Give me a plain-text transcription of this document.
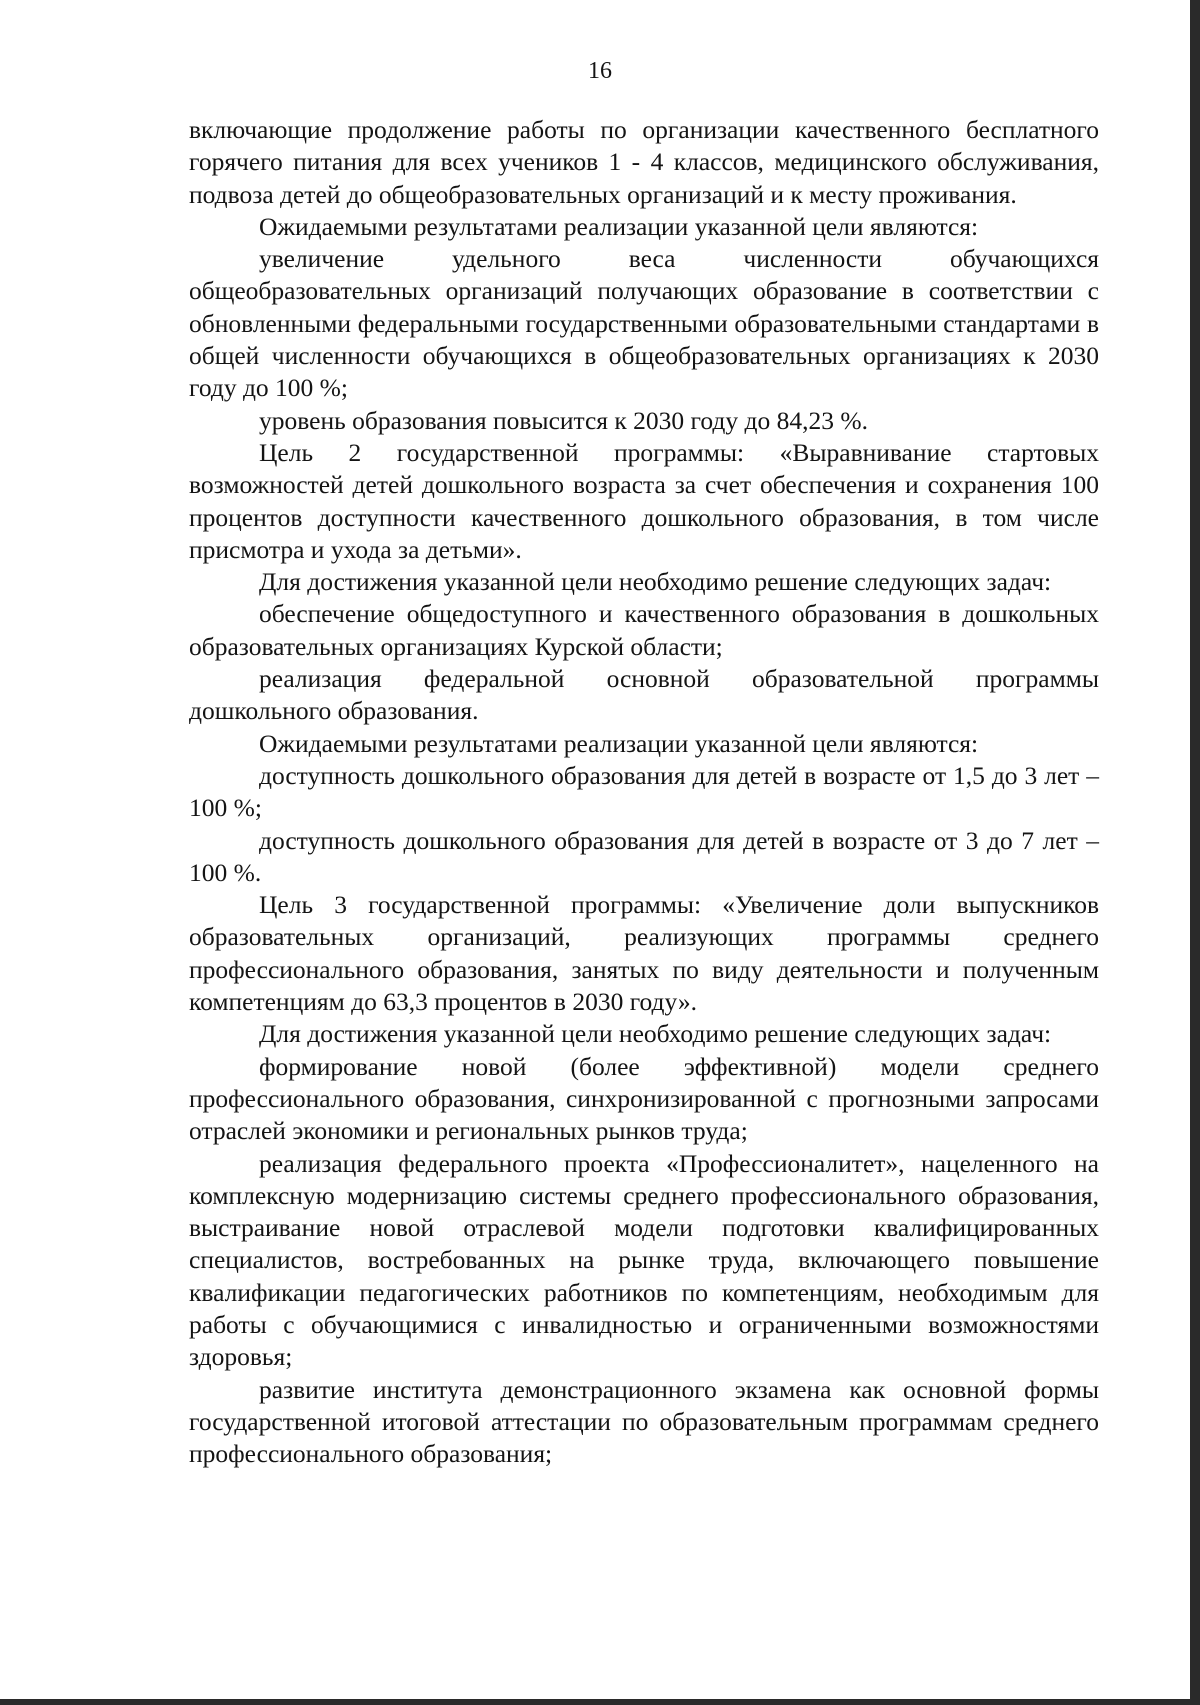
16

включающие продолжение работы по организации качественного бесплатного горячего питания для всех учеников 1 - 4 классов, медицинского обслуживания, подвоза детей до общеобразовательных организаций и к месту проживания.

Ожидаемыми результатами реализации указанной цели являются:

увеличение удельного веса численности обучающихся общеобразовательных организаций получающих образование в соответствии с обновленными федеральными государственными образовательными стандартами в общей численности обучающихся в общеобразовательных организациях к 2030 году до 100 %;

уровень образования повысится к 2030 году до 84,23 %.

Цель 2 государственной программы: «Выравнивание стартовых возможностей детей дошкольного возраста за счет обеспечения и сохранения 100 процентов доступности качественного дошкольного образования, в том числе присмотра и ухода за детьми».

Для достижения указанной цели необходимо решение следующих задач:

обеспечение общедоступного и качественного образования в дошкольных образовательных организациях Курской области;

реализация федеральной основной образовательной программы дошкольного образования.

Ожидаемыми результатами реализации указанной цели являются:

доступность дошкольного образования для детей в возрасте от 1,5 до 3 лет – 100 %;

доступность дошкольного образования для детей в возрасте от 3 до 7 лет – 100 %.

Цель 3 государственной программы: «Увеличение доли выпускников образовательных организаций, реализующих программы среднего профессионального образования, занятых по виду деятельности и полученным компетенциям до 63,3 процентов в 2030 году».

Для достижения указанной цели необходимо решение следующих задач:

формирование новой (более эффективной) модели среднего профессионального образования, синхронизированной с прогнозными запросами отраслей экономики и региональных рынков труда;

реализация федерального проекта «Профессионалитет», нацеленного на комплексную модернизацию системы среднего профессионального образования, выстраивание новой отраслевой модели подготовки квалифицированных специалистов, востребованных на рынке труда, включающего повышение квалификации педагогических работников по компетенциям, необходимым для работы с обучающимися с инвалидностью и ограниченными возможностями здоровья;

развитие института демонстрационного экзамена как основной формы государственной итоговой аттестации по образовательным программам среднего профессионального образования;
